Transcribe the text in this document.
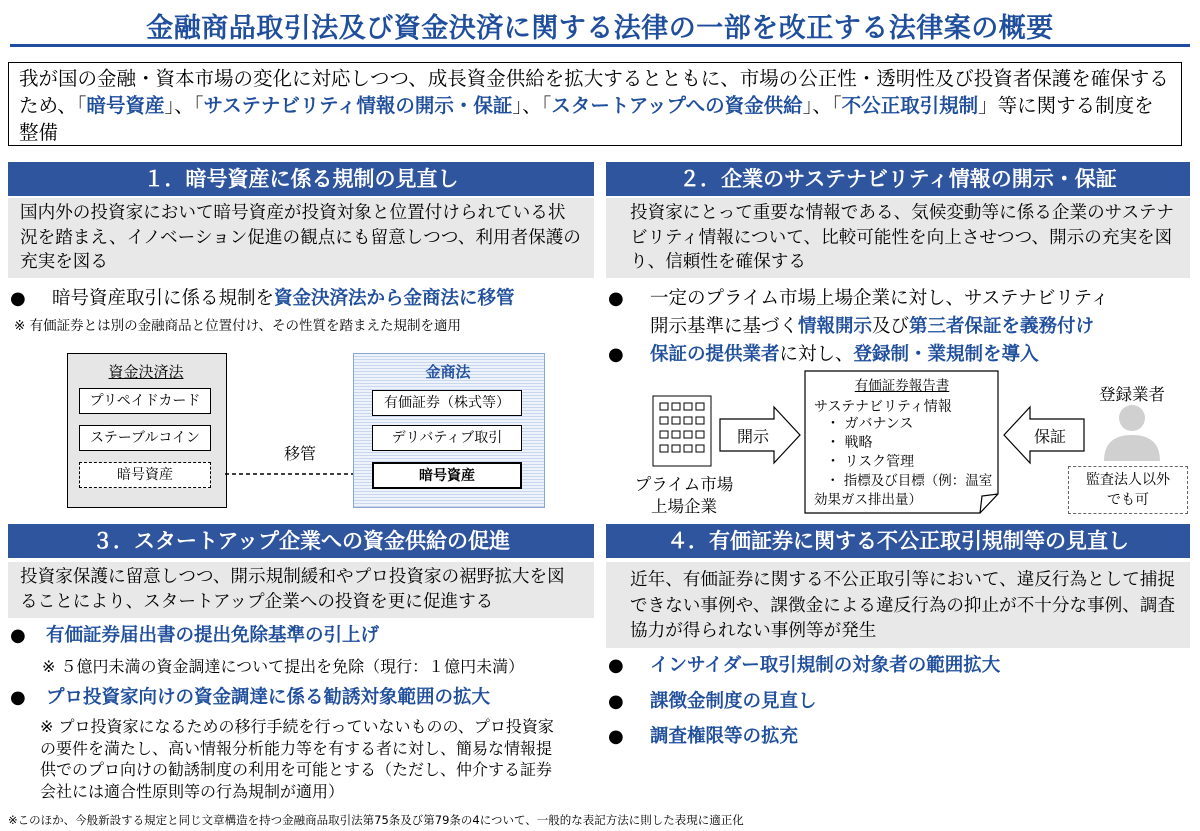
金融商品取引法及び資金決済に関する法律の一部を改正する法律案の概要
我が国の金融・資本市場の変化に対応しつつ、成長資金供給を拡大するとともに、市場の公正性・透明性及び投資者保護を確保するため、「暗号資産」、「サステナビリティ情報の開示・保証」、「スタートアップへの資金供給」、「不公正取引規制」等に関する制度を整備
１．暗号資産に係る規制の見直し
国内外の投資家において暗号資産が投資対象と位置付けられている状況を踏まえ、イノベーション促進の観点にも留意しつつ、利用者保護の充実を図る
● 暗号資産取引に係る規制を資金決済法から金商法に移管
※ 有価証券とは別の金融商品と位置付け、その性質を踏まえた規制を適用
資金決済法
プリペイドカード
ステーブルコイン
暗号資産
移管
金商法
有価証券（株式等）
デリバティブ取引
暗号資産
２．企業のサステナビリティ情報の開示・保証
投資家にとって重要な情報である、気候変動等に係る企業のサステナビリティ情報について、比較可能性を向上させつつ、開示の充実を図り、信頼性を確保する
● 一定のプライム市場上場企業に対し、サステナビリティ
開示基準に基づく情報開示及び第三者保証を義務付け
● 保証の提供業者に対し、登録制・業規制を導入
プライム市場
上場企業
開示
有価証券報告書
サステナビリティ情報
・ ガバナンス
・ 戦略
・ リスク管理
・ 指標及び目標（例：温室効果ガス排出量）
保証
登録業者
監査法人以外
でも可
３．スタートアップ企業への資金供給の促進
投資家保護に留意しつつ、開示規制緩和やプロ投資家の裾野拡大を図ることにより、スタートアップ企業への投資を更に促進する
● 有価証券届出書の提出免除基準の引上げ
※ ５億円未満の資金調達について提出を免除（現行：１億円未満）
● プロ投資家向けの資金調達に係る勧誘対象範囲の拡大
※ プロ投資家になるための移行手続を行っていないものの、プロ投資家の要件を満たし、高い情報分析能力等を有する者に対し、簡易な情報提供でのプロ向けの勧誘制度の利用を可能とする（ただし、仲介する証券会社には適合性原則等の行為規制が適用）
４．有価証券に関する不公正取引規制等の見直し
近年、有価証券に関する不公正取引等において、違反行為として捕捉できない事例や、課徴金による違反行為の抑止が不十分な事例、調査協力が得られない事例等が発生
● インサイダー取引規制の対象者の範囲拡大
● 課徴金制度の見直し
● 調査権限等の拡充
※このほか、今般新設する規定と同じ文章構造を持つ金融商品取引法第75条及び第79条の4について、一般的な表記方法に則した表現に適正化
